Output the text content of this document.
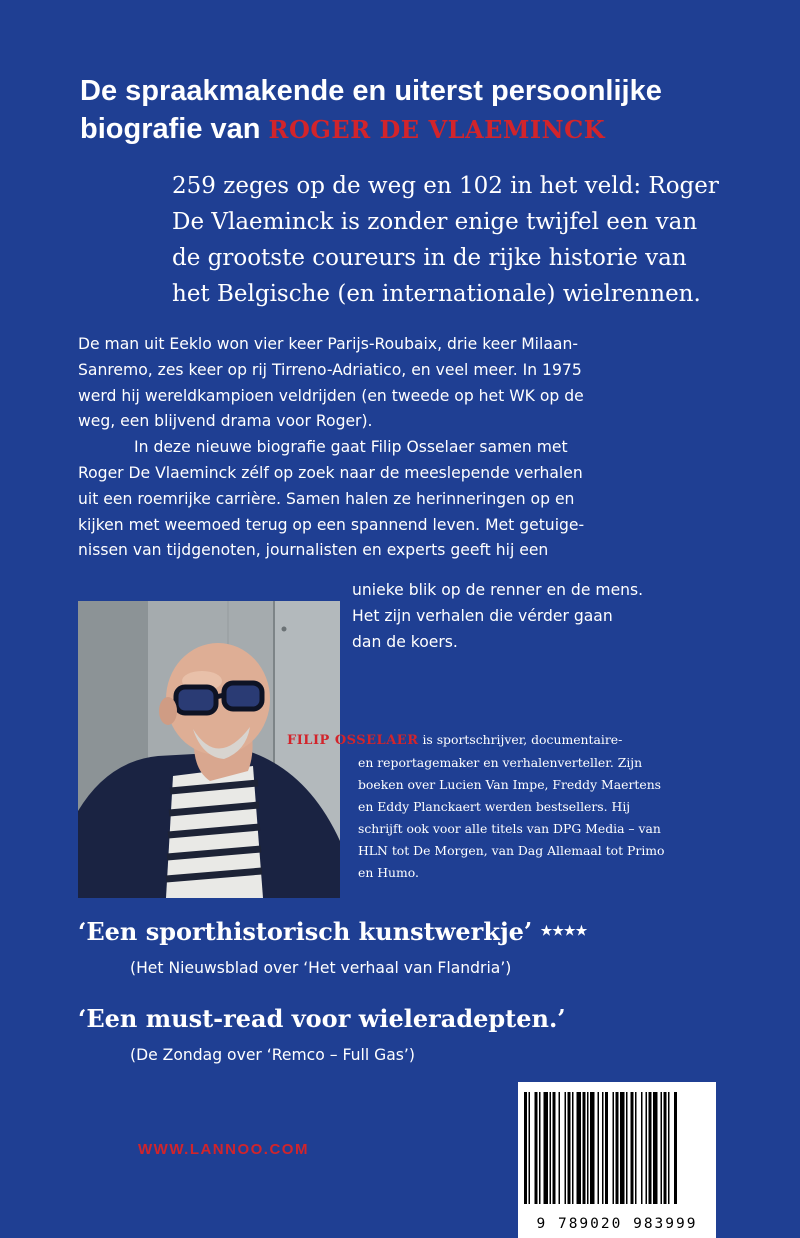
De spraakmakende en uiterst persoonlijke
biografie van ROGER DE VLAEMINCK
259 zeges op de weg en 102 in het veld: Roger
De Vlaeminck is zonder enige twijfel een van
de grootste coureurs in de rijke historie van
het Belgische (en internationale) wielrennen.

De man uit Eeklo won vier keer Parijs-Roubaix, drie keer Milaan-

Sanremo, zes keer op rij Tirreno-Adriatico, en veel meer. In 1975

werd hij wereldkampioen veldrijden (en tweede op het WK op de

weg, een blijvend drama voor Roger).

In deze nieuwe biografie gaat Filip Osselaer samen met

Roger De Vlaeminck zélf op zoek naar de meeslepende verhalen

uit een roemrijke carrière. Samen halen ze herinneringen op en

kijken met weemoed terug op een spannend leven. Met getuige-

nissen van tijdgenoten, journalisten en experts geeft hij een

unieke blik op de renner en de mens.
Het zijn verhalen die vérder gaan
dan de koers.
FILIP OSSELAER is sportschrijver, documentaire-
en reportagemaker en verhalenverteller. Zijn
boeken over Lucien Van Impe, Freddy Maertens
en Eddy Planckaert werden bestsellers. Hij
schrijft ook voor alle titels van DPG Media – van
HLN tot De Morgen, van Dag Allemaal tot Primo
en Humo.

‘Een sporthistorisch kunstwerkje’ ★★★★

(Het Nieuwsblad over ‘Het verhaal van Flandria’)

‘Een must-read voor wieleradepten.’

(De Zondag over ‘Remco – Full Gas’)

WWW.LANNOO.COM

9 789020 983999
